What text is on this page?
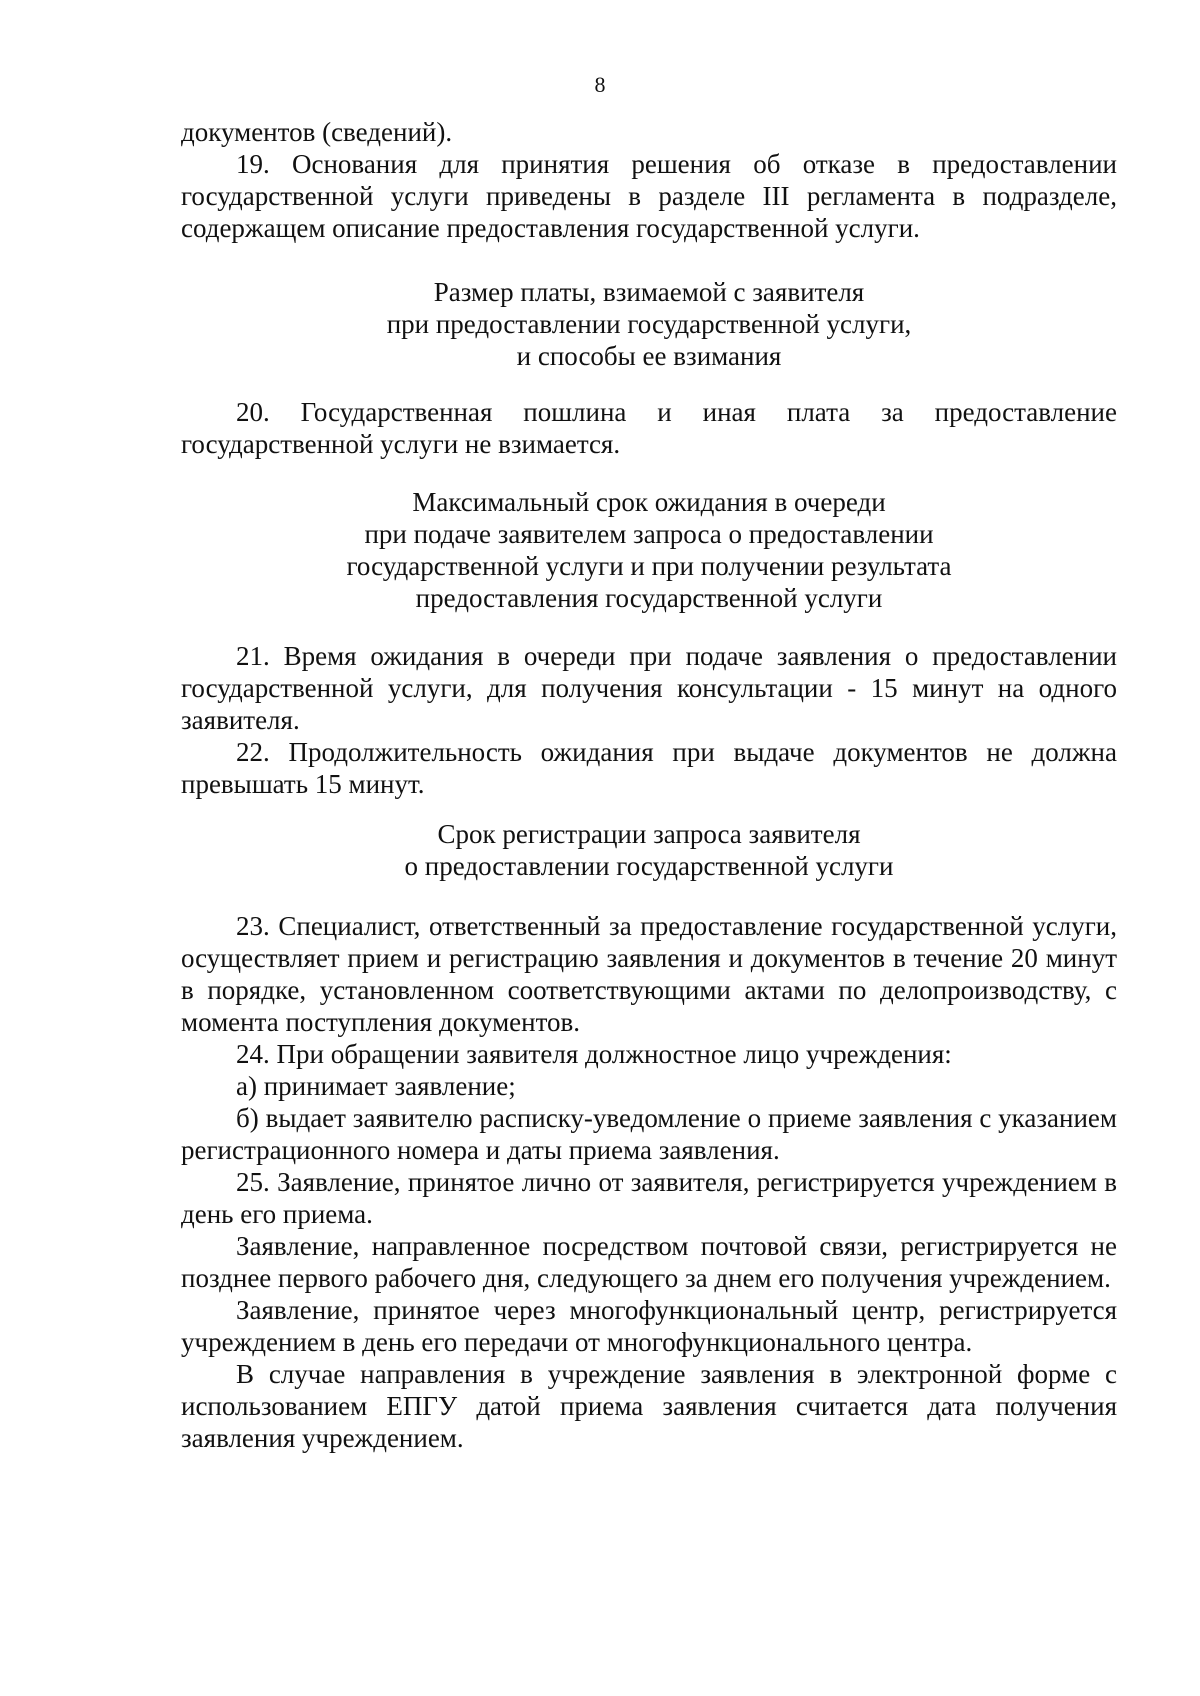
8

документов (сведений).

19. Основания для принятия решения об отказе в предоставлении государственной услуги приведены в разделе III регламента в подразделе, содержащем описание предоставления государственной услуги.

Размер платы, взимаемой с заявителя
при предоставлении государственной услуги,
и способы ее взимания

20. Государственная пошлина и иная плата за предоставление государственной услуги не взимается.

Максимальный срок ожидания в очереди
при подаче заявителем запроса о предоставлении
государственной услуги и при получении результата
предоставления государственной услуги

21. Время ожидания в очереди при подаче заявления о предоставлении государственной услуги, для получения консультации - 15 минут на одного заявителя.

22. Продолжительность ожидания при выдаче документов не должна превышать 15 минут.

Срок регистрации запроса заявителя
о предоставлении государственной услуги

23. Специалист, ответственный за предоставление государственной услуги, осуществляет прием и регистрацию заявления и документов в течение 20 минут в порядке, установленном соответствующими актами по делопроизводству, с момента поступления документов.

24. При обращении заявителя должностное лицо учреждения:

а) принимает заявление;

б) выдает заявителю расписку-уведомление о приеме заявления с указанием регистрационного номера и даты приема заявления.

25. Заявление, принятое лично от заявителя, регистрируется учреждением в день его приема.

Заявление, направленное посредством почтовой связи, регистрируется не позднее первого рабочего дня, следующего за днем его получения учреждением.

Заявление, принятое через многофункциональный центр, регистрируется учреждением в день его передачи от многофункционального центра.

В случае направления в учреждение заявления в электронной форме с использованием ЕПГУ датой приема заявления считается дата получения заявления учреждением.
